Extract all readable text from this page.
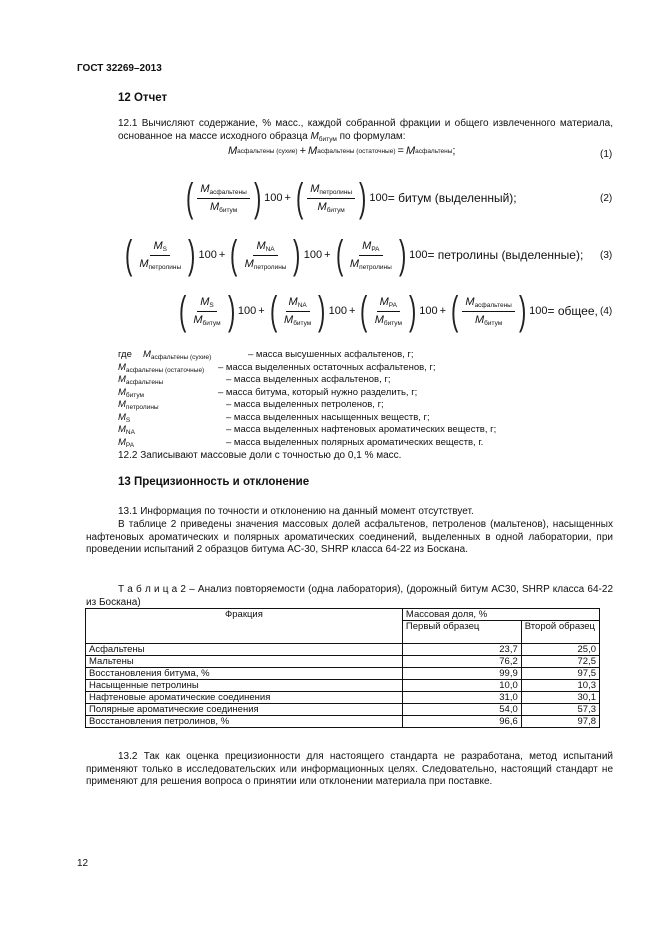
ГОСТ 32269–2013
12 Отчет
12.1 Вычисляют содержание, % масс., каждой собранной фракции и общего извлеченного материала, основанное на массе исходного образца $M_{битум}$ по формулам:
M асфальтены (сухие) + M асфальтены (остаточные) = M асфальтены ;	(1)
( $\frac{M_{асфальтены}}{M_{битум}}$ ) 100 + ( $\frac{M_{петролины}}{M_{битум}}$ ) 100 = битум (выделенный);	(2)
( $\frac{M_S}{M_{петролины}}$ ) 100 + ( $\frac{M_{NA}}{M_{петролины}}$ ) 100 + ( $\frac{M_{PA}}{M_{петролины}}$ ) 100 = петролины (выделенные); (3)
( $\frac{M_S}{M_{битум}}$ ) 100 + ( $\frac{M_{NA}}{M_{битум}}$ ) 100 + ( $\frac{M_{PA}}{M_{битум}}$ ) 100 + ( $\frac{M_{асфальтены}}{M_{битум}}$ ) 100 = общее, (4)
где $M_{асфальтены (сухие)}$	– масса высушенных асфальтенов, г;
$M_{асфальтены (остаточные)}$ – масса выделенных остаточных асфальтенов, г;
$M_{асфальтены}$	– масса выделенных асфальтенов, г;
$M_{битум}$	– масса битума, который нужно разделить, г;
$M_{петролины}$	– масса выделенных петроленов, г;
$M_S$	– масса выделенных насыщенных веществ, г;
$M_{NA}$	– масса выделенных нафтеновых ароматических веществ, г;
$M_{PA}$	– масса выделенных полярных ароматических веществ, г.
12.2 Записывают массовые доли с точностью до 0,1 % масс.
13 Прецизионность и отклонение
13.1 Информация по точности и отклонению на данный момент отсутствует.
В таблице 2 приведены значения массовых долей асфальтенов, петроленов (мальтенов), насыщенных нафтеновых ароматических и полярных ароматических соединений, выделенных в одной лаборатории, при проведении испытаний 2 образцов битума АС-30, SHRP класса 64-22 из Боскана.
Т а б л и ц а 2 – Анализ повторяемости (одна лаборатория), (дорожный битум АС30, SHRP класса 64-22 из Боскана)
Фракция	Массовая доля, %	
	Первый образец	Второй образец
Асфальтены	23,7	25,0
Мальтены	76,2	72,5
Восстановления битума, %	99,9	97,5
Насыщенные петролины	10,0	10,3
Нафтеновые ароматические соединения	31,0	30,1
Полярные ароматические соединения	54,0	57,3
Восстановления петролинов, %	96,6	97,8
13.2 Так как оценка прецизионности для настоящего стандарта не разработана, метод испытаний применяют только в исследовательских или информационных целях. Следовательно, настоящий стандарт не применяют для решения вопроса о принятии или отклонении материала при поставке.
12
